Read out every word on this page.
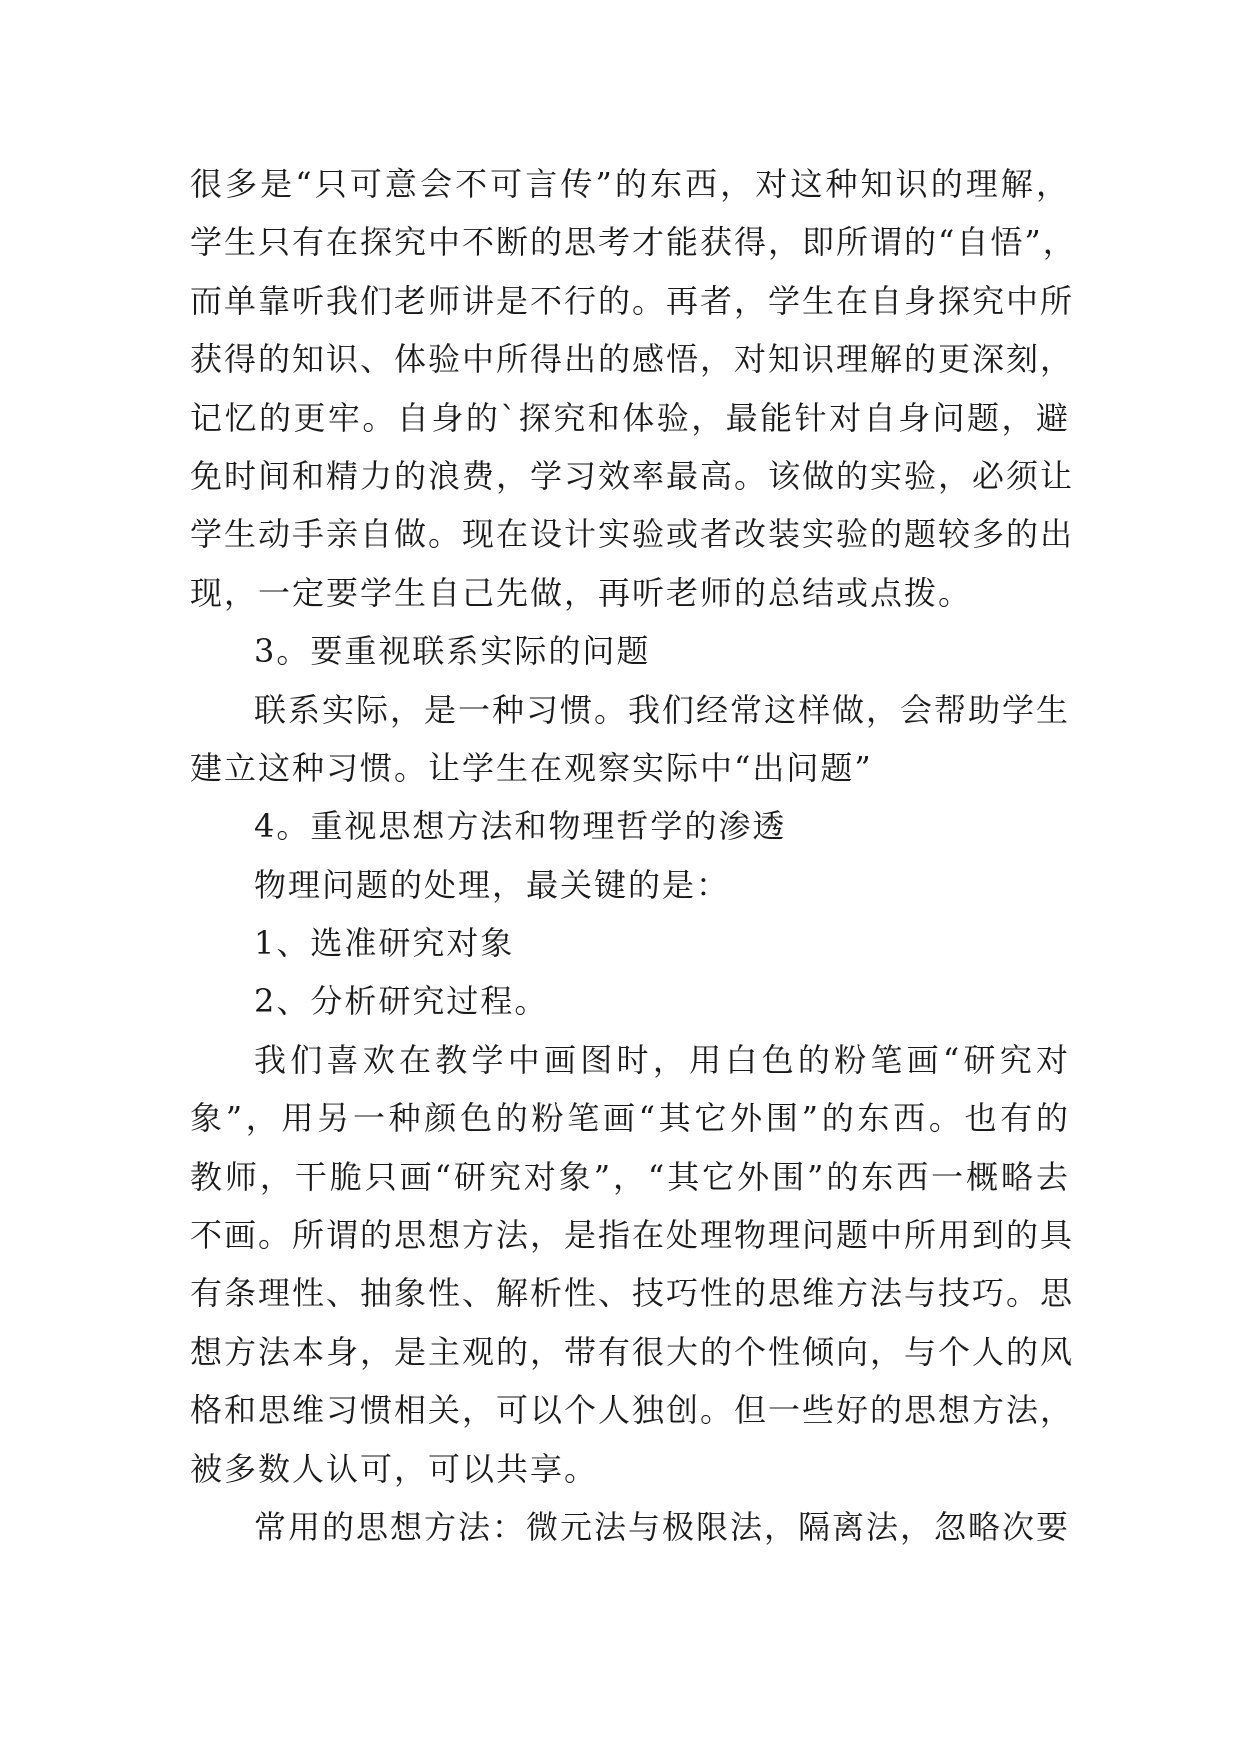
很多是“只可意会不可言传”的东西，对这种知识的理解，
学生只有在探究中不断的思考才能获得，即所谓的“自悟”，
而单靠听我们老师讲是不行的。再者，学生在自身探究中所
获得的知识、体验中所得出的感悟，对知识理解的更深刻，
记忆的更牢。自身的`探究和体验，最能针对自身问题，避
免时间和精力的浪费，学习效率最高。该做的实验，必须让
学生动手亲自做。现在设计实验或者改装实验的题较多的出
现，一定要学生自己先做，再听老师的总结或点拨。
3。要重视联系实际的问题
联系实际，是一种习惯。我们经常这样做，会帮助学生
建立这种习惯。让学生在观察实际中“出问题”
4。重视思想方法和物理哲学的渗透
物理问题的处理，最关键的是：
1、选准研究对象
2、分析研究过程。
我们喜欢在教学中画图时，用白色的粉笔画“研究对
象”，用另一种颜色的粉笔画“其它外围”的东西。也有的
教师，干脆只画“研究对象”，“其它外围”的东西一概略去
不画。所谓的思想方法，是指在处理物理问题中所用到的具
有条理性、抽象性、解析性、技巧性的思维方法与技巧。思
想方法本身，是主观的，带有很大的个性倾向，与个人的风
格和思维习惯相关，可以个人独创。但一些好的思想方法，
被多数人认可，可以共享。
常用的思想方法：微元法与极限法，隔离法，忽略次要
